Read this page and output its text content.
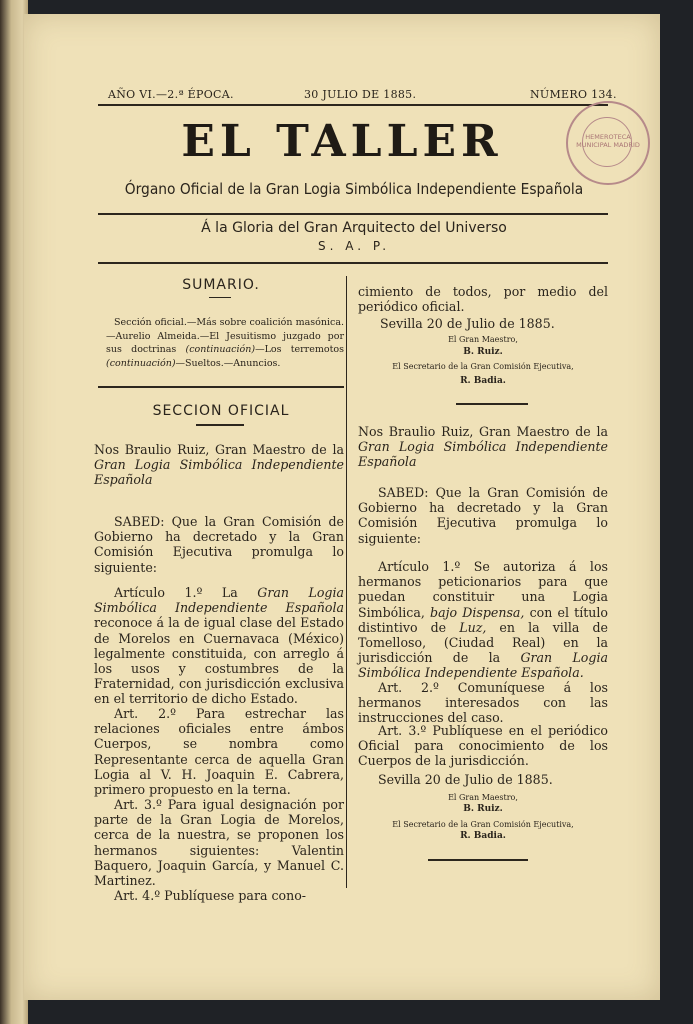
AÑO VI.—2.ª ÉPOCA.	30 JULIO DE 1885.	NÚMERO 134.
EL TALLER
Órgano Oficial de la Gran Logia Simbólica Independiente Española
Á la Gloria del Gran Arquitecto del Universo
S. A. P.
HEMEROTECA MUNICIPAL MADRID
SUMARIO.
Sección oficial.—Más sobre coalición masónica.—Aurelio Almeida.—El Jesuitismo juzgado por sus doctrinas (continuación)—Los terremotos (continuación)—Sueltos.—Anuncios.
SECCION OFICIAL
Nos Braulio Ruiz, Gran Maestro de la Gran Logia Simbólica Independiente Española
SABED: Que la Gran Comisión de Gobierno ha decretado y la Gran Comisión Ejecutiva promulga lo siguiente:
Artículo 1.º La Gran Logia Simbólica Independiente Española reconoce á la de igual clase del Estado de Morelos en Cuernavaca (México) legalmente constituida, con arreglo á los usos y costumbres de la Fraternidad, con jurisdicción exclusiva en el territorio de dicho Estado.
Art. 2.º Para estrechar las relaciones oficiales entre ámbos Cuerpos, se nombra como Representante cerca de aquella Gran Logia al V. H. Joaquin E. Cabrera, primero propuesto en la terna.
Art. 3.º Para igual designación por parte de la Gran Logia de Morelos, cerca de la nuestra, se proponen los hermanos siguientes: Valentin Baquero, Joaquin García, y Manuel C. Martinez.
Art. 4.º Publíquese para cono-
cimiento de todos, por medio del periódico oficial.
Sevilla 20 de Julio de 1885.
El Gran Maestro,
B. Ruiz.
El Secretario de la Gran Comisión Ejecutiva,
R. Badia.
Nos Braulio Ruiz, Gran Maestro de la Gran Logia Simbólica Independiente Española
SABED: Que la Gran Comisión de Gobierno ha decretado y la Gran Comisión Ejecutiva promulga lo siguiente:
Artículo 1.º Se autoriza á los hermanos peticionarios para que puedan constituir una Logia Simbólica, bajo Dispensa, con el título distintivo de Luz, en la villa de Tomelloso, (Ciudad Real) en la jurisdicción de la Gran Logia Simbólica Independiente Española.
Art. 2.º Comuníquese á los hermanos interesados con las instrucciones del caso.
Art. 3.º Publíquese en el periódico Oficial para conocimiento de los Cuerpos de la jurisdicción.
Sevilla 20 de Julio de 1885.
El Gran Maestro,
B. Ruiz.
El Secretario de la Gran Comisión Ejecutiva,
R. Badia.
